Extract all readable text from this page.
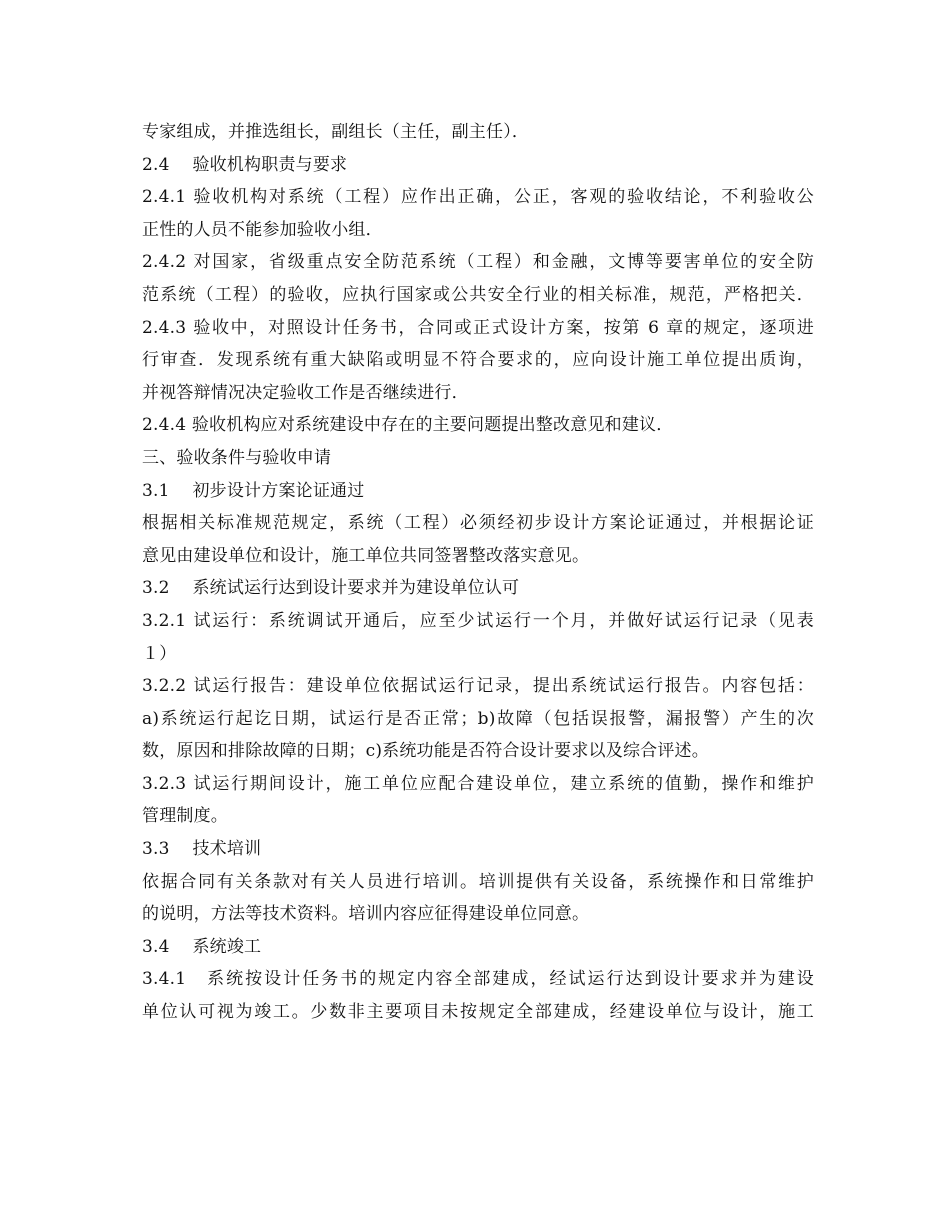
专家组成，并推选组长，副组长（主任，副主任）．
2.4　 验收机构职责与要求
2.4.1 验收机构对系统（工程）应作出正确，公正，客观的验收结论，不利验收公
正性的人员不能参加验收小组．
2.4.2 对国家，省级重点安全防范系统（工程）和金融，文博等要害单位的安全防
范系统（工程）的验收，应执行国家或公共安全行业的相关标准，规范，严格把关．
2.4.3 验收中，对照设计任务书，合同或正式设计方案，按第 6 章的规定，逐项进
行审查．发现系统有重大缺陷或明显不符合要求的，应向设计施工单位提出质询，
并视答辩情况决定验收工作是否继续进行．
2.4.4 验收机构应对系统建设中存在的主要问题提出整改意见和建议．
三、验收条件与验收申请
3.1　 初步设计方案论证通过
根据相关标准规范规定，系统（工程）必须经初步设计方案论证通过，并根据论证
意见由建设单位和设计，施工单位共同签署整改落实意见。
3.2　 系统试运行达到设计要求并为建设单位认可
3.2.1 试运行：系统调试开通后，应至少试运行一个月，并做好试运行记录（见表
１）
3.2.2 试运行报告：建设单位依据试运行记录，提出系统试运行报告。内容包括：
a)系统运行起讫日期，试运行是否正常；b)故障（包括误报警，漏报警）产生的次
数，原因和排除故障的日期；c)系统功能是否符合设计要求以及综合评述。
3.2.3 试运行期间设计，施工单位应配合建设单位，建立系统的值勤，操作和维护
管理制度。
3.3　 技术培训
依据合同有关条款对有关人员进行培训。培训提供有关设备，系统操作和日常维护
的说明，方法等技术资料。培训内容应征得建设单位同意。
3.4　 系统竣工
3.4.1　系统按设计任务书的规定内容全部建成，经试运行达到设计要求并为建设
单位认可视为竣工。少数非主要项目未按规定全部建成，经建设单位与设计，施工
